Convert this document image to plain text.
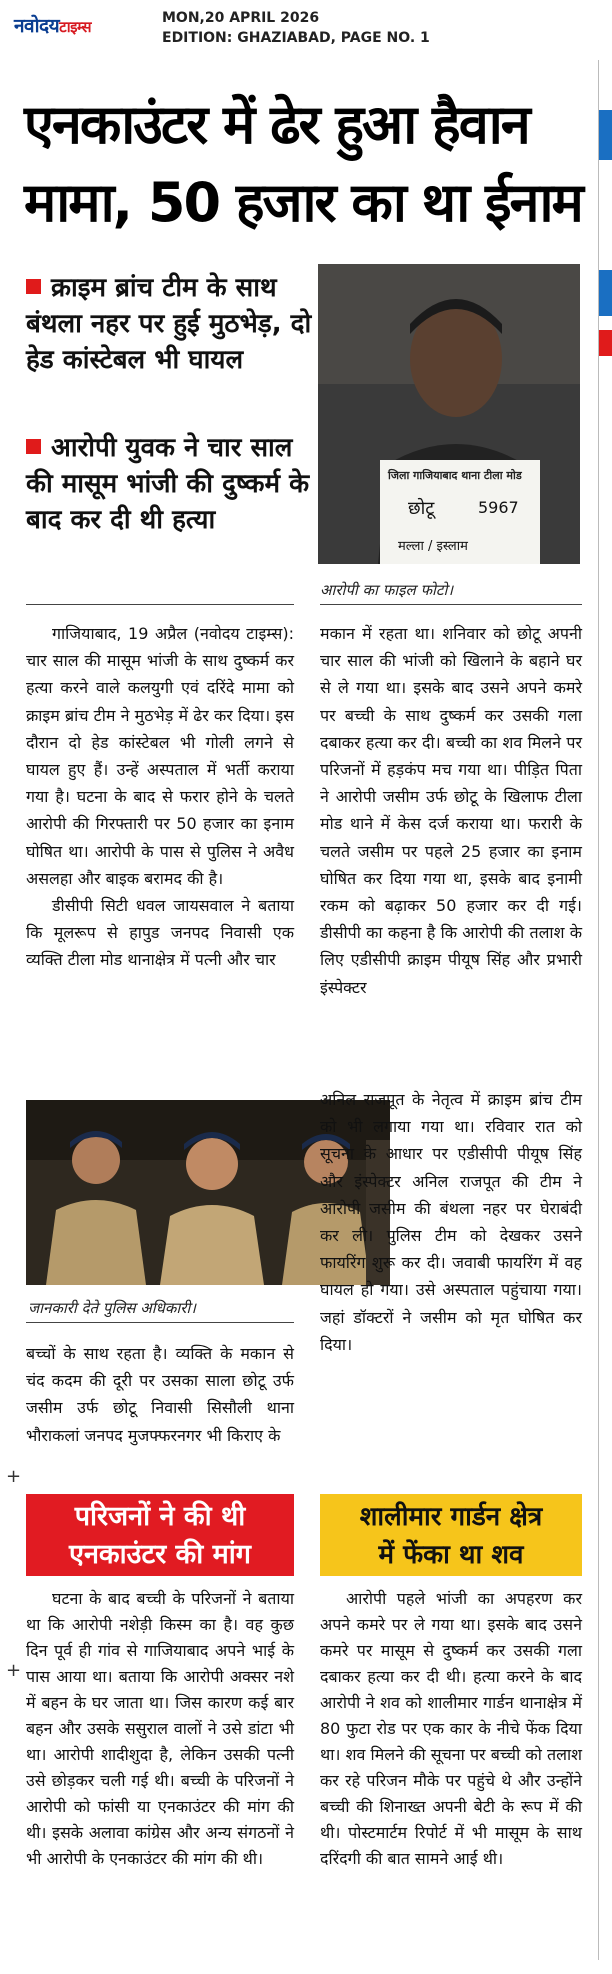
नवोदयटाइम्स	MON,20 APRIL 2026
EDITION: GHAZIABAD, PAGE NO. 1
एनकाउंटर में ढेर हुआ हैवान
मामा, 50 हजार का था ईनाम
क्राइम ब्रांच टीम के साथ बंथला नहर पर हुई मुठभेड़, दो हेड कांस्टेबल भी घायल
आरोपी युवक ने चार साल की मासूम भांजी की दुष्कर्म के बाद कर दी थी हत्या
जिला गाजियाबाद थाना टीला मोड
छोटू	5967
मल्ला / इस्लाम
आरोपी का फाइल फोटो।

गाजियाबाद, 19 अप्रैल (नवोदय टाइम्स): चार साल की मासूम भांजी के साथ दुष्कर्म कर हत्या करने वाले कलयुगी एवं दरिंदे मामा को क्राइम ब्रांच टीम ने मुठभेड़ में ढेर कर दिया। इस दौरान दो हेड कांस्टेबल भी गोली लगने से घायल हुए हैं। उन्हें अस्पताल में भर्ती कराया गया है। घटना के बाद से फरार होने के चलते आरोपी की गिरफ्तारी पर 50 हजार का इनाम घोषित था। आरोपी के पास से पुलिस ने अवैध असलहा और बाइक बरामद की है।

डीसीपी सिटी धवल जायसवाल ने बताया कि मूलरूप से हापुड जनपद निवासी एक व्यक्ति टीला मोड थानाक्षेत्र में पत्नी और चार

मकान में रहता था। शनिवार को छोटू अपनी चार साल की भांजी को खिलाने के बहाने घर से ले गया था। इसके बाद उसने अपने कमरे पर बच्ची के साथ दुष्कर्म कर उसकी गला दबाकर हत्या कर दी। बच्ची का शव मिलने पर परिजनों में हड़कंप मच गया था। पीड़ित पिता ने आरोपी जसीम उर्फ छोटू के खिलाफ टीला मोड थाने में केस दर्ज कराया था। फरारी के चलते जसीम पर पहले 25 हजार का इनाम घोषित कर दिया गया था, इसके बाद इनामी रकम को बढ़ाकर 50 हजार कर दी गई। डीसीपी का कहना है कि आरोपी की तलाश के लिए एडीसीपी क्राइम पीयूष सिंह और प्रभारी इंस्पेक्टर

जानकारी देते पुलिस अधिकारी।

अनिल राजपूत के नेतृत्व में क्राइम ब्रांच टीम को भी लगाया गया था। रविवार रात को सूचना के आधार पर एडीसीपी पीयूष सिंह और इंस्पेक्टर अनिल राजपूत की टीम ने आरोपी जसीम की बंथला नहर पर घेराबंदी कर ली। पुलिस टीम को देखकर उसने फायरिंग शुरू कर दी। जवाबी फायरिंग में वह घायल हो गया। उसे अस्पताल पहुंचाया गया। जहां डॉक्टरों ने जसीम को मृत घोषित कर दिया।

बच्चों के साथ रहता है। व्यक्ति के मकान से चंद कदम की दूरी पर उसका साला छोटू उर्फ जसीम उर्फ छोटू निवासी सिसौली थाना भौराकलां जनपद मुजफ्फरनगर भी किराए के

+
+
परिजनों ने की थी
एनकाउंटर की मांग
शालीमार गार्डन क्षेत्र
में फेंका था शव

घटना के बाद बच्ची के परिजनों ने बताया था कि आरोपी नशेड़ी किस्म का है। वह कुछ दिन पूर्व ही गांव से गाजियाबाद अपने भाई के पास आया था। बताया कि आरोपी अक्सर नशे में बहन के घर जाता था। जिस कारण कई बार बहन और उसके ससुराल वालों ने उसे डांटा भी था। आरोपी शादीशुदा है, लेकिन उसकी पत्नी उसे छोड़कर चली गई थी। बच्ची के परिजनों ने आरोपी को फांसी या एनकाउंटर की मांग की थी। इसके अलावा कांग्रेस और अन्य संगठनों ने भी आरोपी के एनकाउंटर की मांग की थी।

आरोपी पहले भांजी का अपहरण कर अपने कमरे पर ले गया था। इसके बाद उसने कमरे पर मासूम से दुष्कर्म कर उसकी गला दबाकर हत्या कर दी थी। हत्या करने के बाद आरोपी ने शव को शालीमार गार्डन थानाक्षेत्र में 80 फुटा रोड पर एक कार के नीचे फेंक दिया था। शव मिलने की सूचना पर बच्ची को तलाश कर रहे परिजन मौके पर पहुंचे थे और उन्होंने बच्ची की शिनाख्त अपनी बेटी के रूप में की थी। पोस्टमार्टम रिपोर्ट में भी मासूम के साथ दरिंदगी की बात सामने आई थी।
